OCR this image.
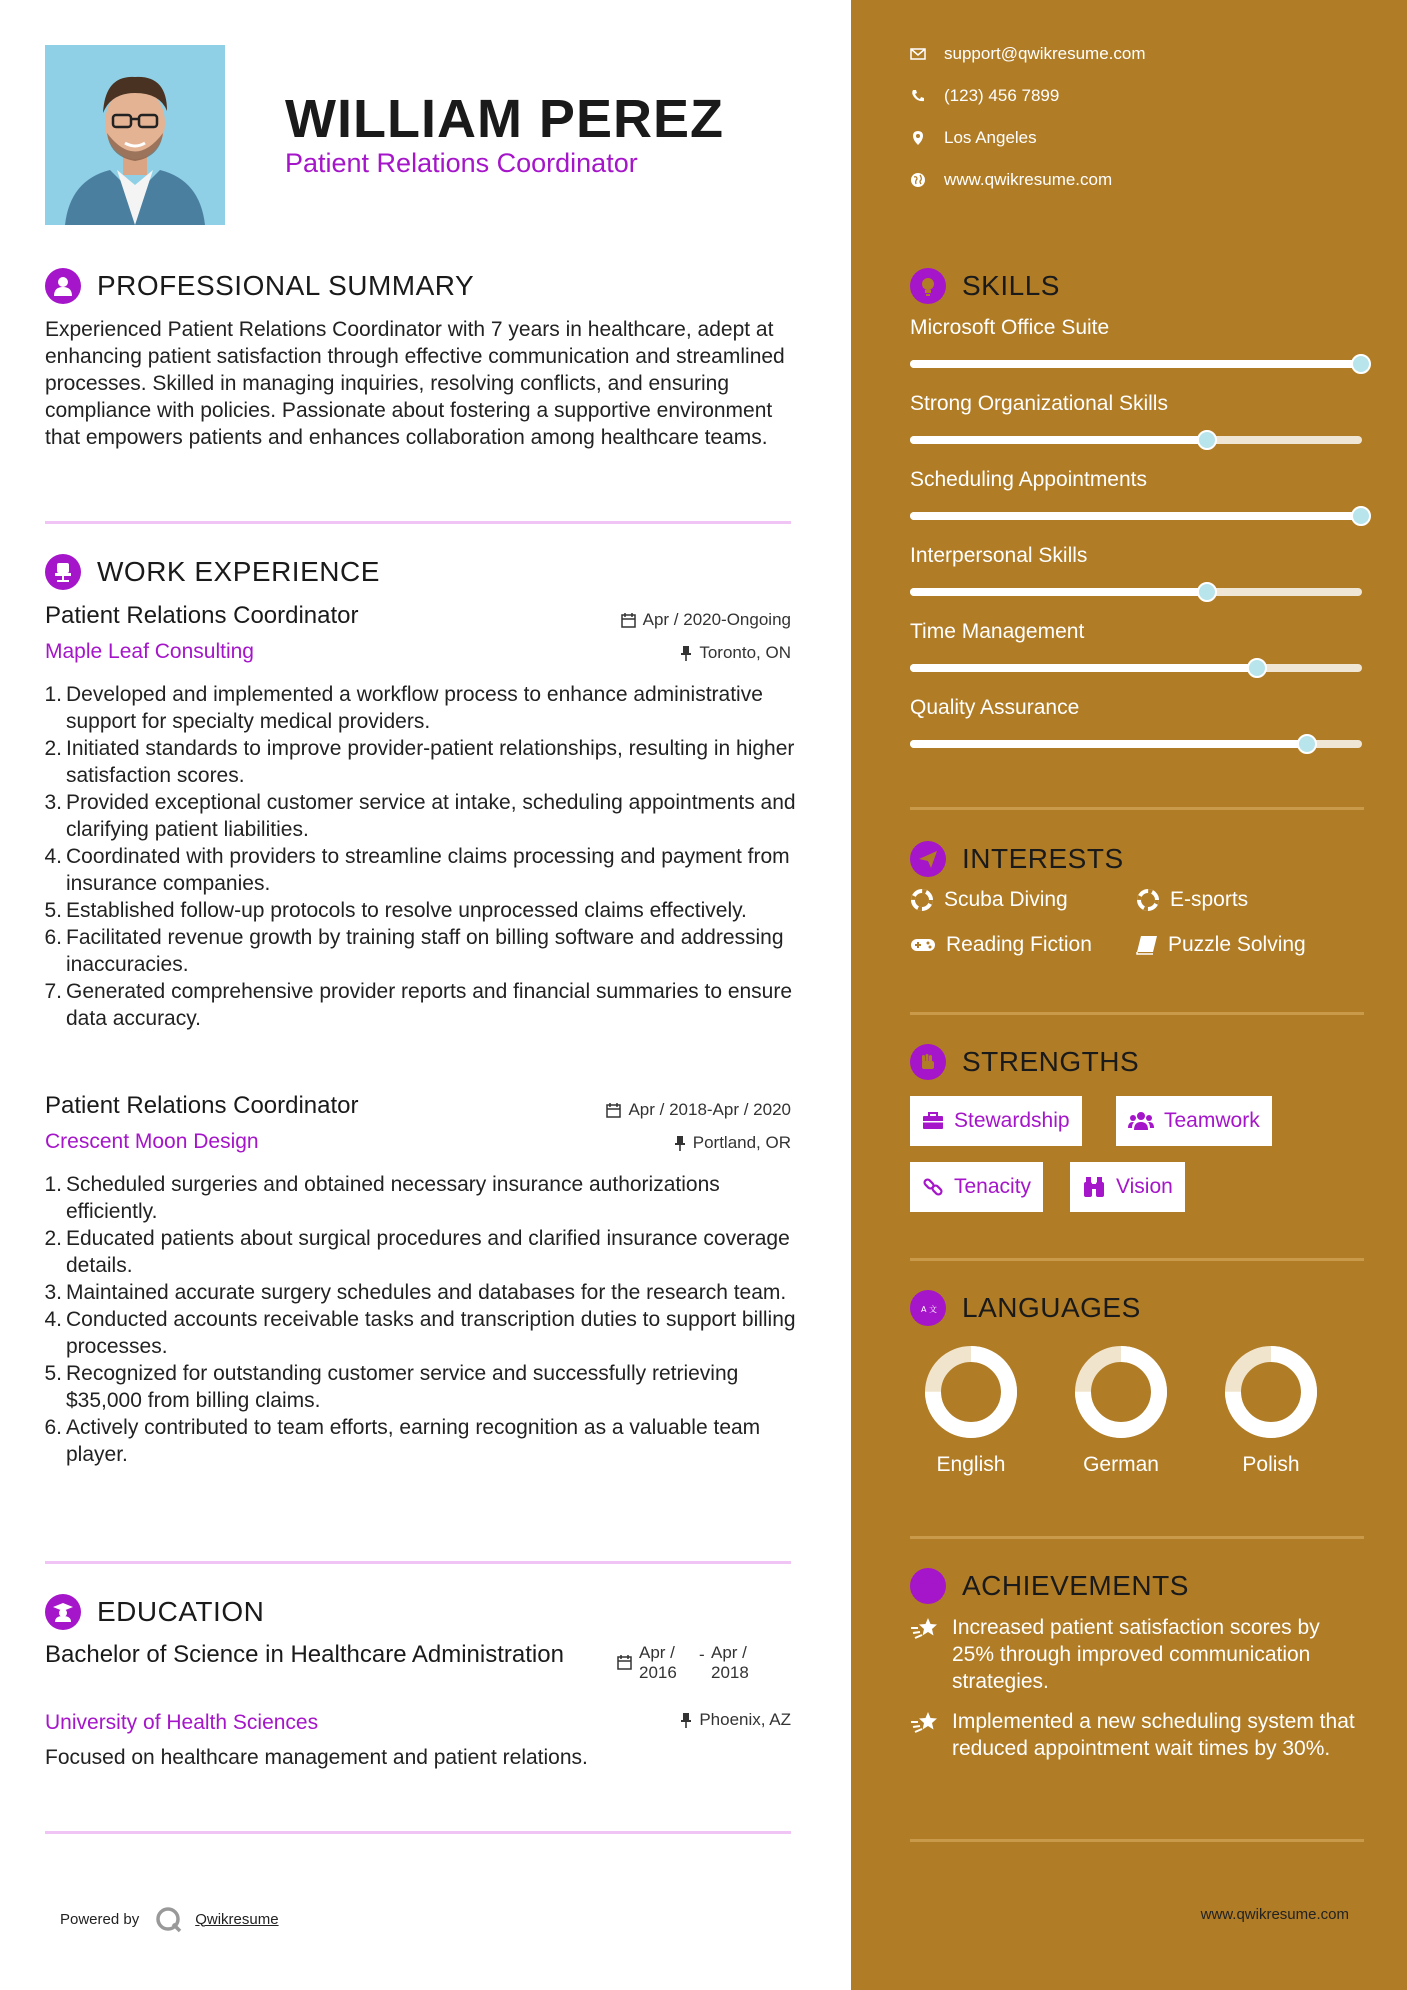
WILLIAM PEREZ
Patient Relations Coordinator
PROFESSIONAL SUMMARY
Experienced Patient Relations Coordinator with 7 years in healthcare, adept at enhancing patient satisfaction through effective communication and streamlined processes. Skilled in managing inquiries, resolving conflicts, and ensuring compliance with policies. Passionate about fostering a supportive environment that empowers patients and enhances collaboration among healthcare teams.
WORK EXPERIENCE
Patient Relations Coordinator	Apr / 2020-Ongoing
Maple Leaf Consulting	Toronto, ON
1. Developed and implemented a workflow process to enhance administrative support for specialty medical providers.
2. Initiated standards to improve provider-patient relationships, resulting in higher satisfaction scores.
3. Provided exceptional customer service at intake, scheduling appointments and clarifying patient liabilities.
4. Coordinated with providers to streamline claims processing and payment from insurance companies.
5. Established follow-up protocols to resolve unprocessed claims effectively.
6. Facilitated revenue growth by training staff on billing software and addressing inaccuracies.
7. Generated comprehensive provider reports and financial summaries to ensure data accuracy.
Patient Relations Coordinator	Apr / 2018-Apr / 2020
Crescent Moon Design	Portland, OR
1. Scheduled surgeries and obtained necessary insurance authorizations efficiently.
2. Educated patients about surgical procedures and clarified insurance coverage details.
3. Maintained accurate surgery schedules and databases for the research team.
4. Conducted accounts receivable tasks and transcription duties to support billing processes.
5. Recognized for outstanding customer service and successfully retrieving $35,000 from billing claims.
6. Actively contributed to team efforts, earning recognition as a valuable team player.
EDUCATION
Bachelor of Science in Healthcare Administration	Apr / 2016
- Apr / 2018
University of Health Sciences	Phoenix, AZ
Focused on healthcare management and patient relations.
Powered by	Qwikresume
support@qwikresume.com
(123) 456 7899
Los Angeles
www.qwikresume.com
SKILLS
Microsoft Office Suite
Strong Organizational Skills
Scheduling Appointments
Interpersonal Skills
Time Management
Quality Assurance
INTERESTS
Scuba Diving	E-sports
Reading Fiction	Puzzle Solving
STRENGTHS
Stewardship	Teamwork
Tenacity	Vision
A 文 LANGUAGES
English	German	Polish
ACHIEVEMENTS
Increased patient satisfaction scores by 25% through improved communication strategies.
Implemented a new scheduling system that reduced appointment wait times by 30%.
www.qwikresume.com
